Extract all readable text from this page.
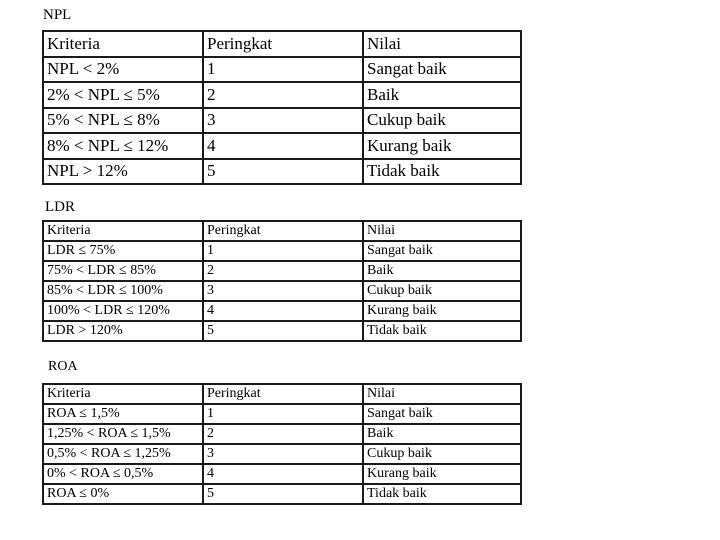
NPL
Kriteria	Peringkat	Nilai
NPL < 2%	1	Sangat baik
2% < NPL ≤ 5%	2	Baik
5% < NPL ≤ 8%	3	Cukup baik
8% < NPL ≤ 12%	4	Kurang baik
NPL > 12%	5	Tidak baik
LDR
Kriteria	Peringkat	Nilai
LDR ≤ 75%	1	Sangat baik
75% < LDR ≤ 85%	2	Baik
85% < LDR ≤ 100%	3	Cukup baik
100% < LDR ≤ 120%	4	Kurang baik
LDR > 120%	5	Tidak baik
ROA
Kriteria	Peringkat	Nilai
ROA ≤ 1,5%	1	Sangat baik
1,25% < ROA ≤ 1,5%	2	Baik
0,5% < ROA ≤ 1,25%	3	Cukup baik
0% < ROA ≤ 0,5%	4	Kurang baik
ROA ≤ 0%	5	Tidak baik
